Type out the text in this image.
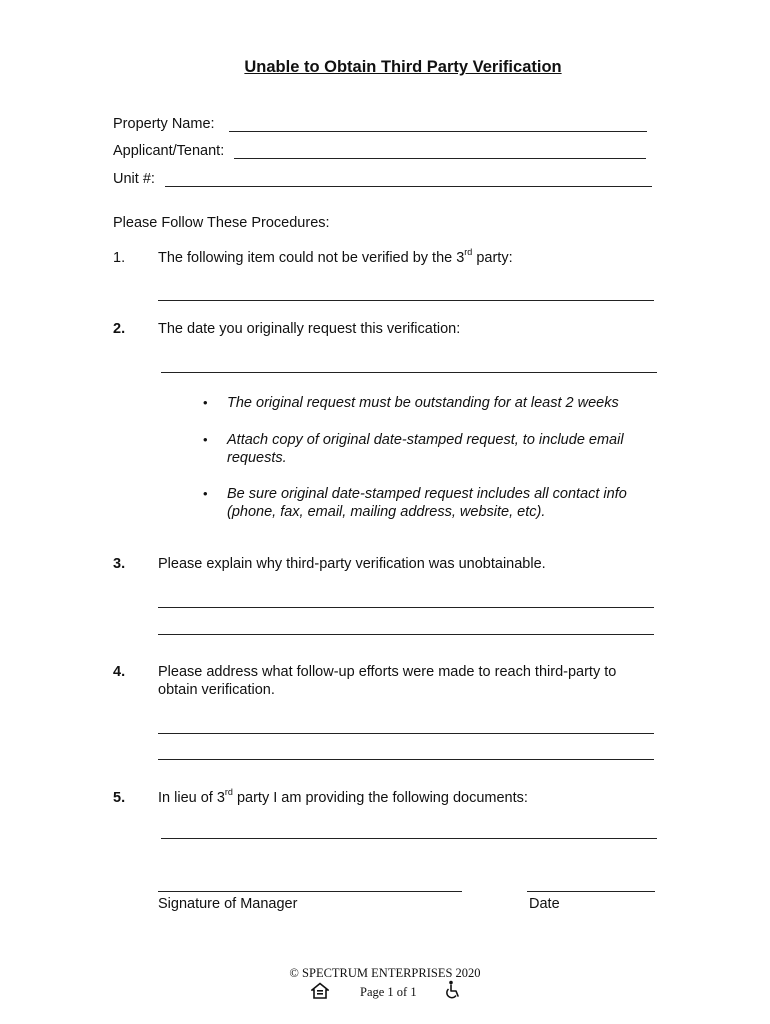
Unable to Obtain Third Party Verification
Property Name:
Applicant/Tenant:
Unit #:
Please Follow These Procedures:
1. The following item could not be verified by the 3rd party:
2. The date you originally request this verification:
• The original request must be outstanding for at least 2 weeks
• Attach copy of original date-stamped request, to include email requests.
• Be sure original date-stamped request includes all contact info (phone, fax, email, mailing address, website, etc).
3. Please explain why third-party verification was unobtainable.
4. Please address what follow-up efforts were made to reach third-party to
obtain verification.
5. In lieu of 3rd party I am providing the following documents:
Signature of Manager	Date
© SPECTRUM ENTERPRISES 2020
Page 1 of 1
